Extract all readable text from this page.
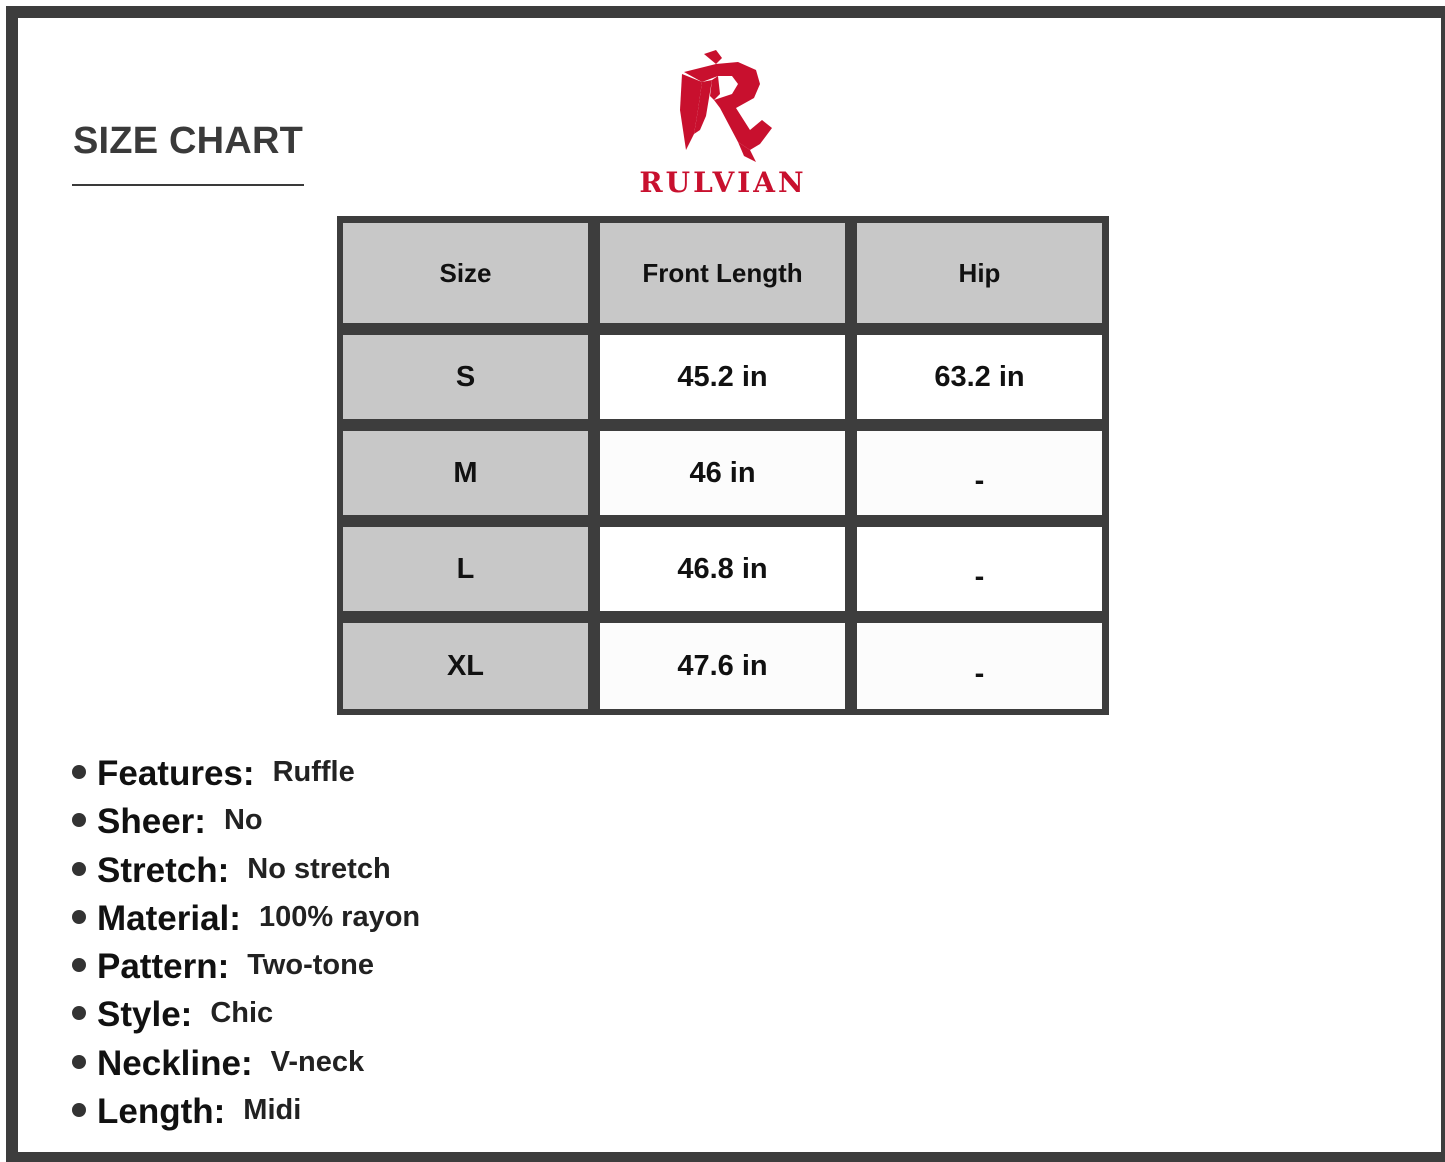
SIZE CHART
RULVIAN
Size	Front Length	Hip
S	45.2 in	63.2 in
M	46 in	-
L	46.8 in	-
XL	47.6 in	-
Features: Ruffle
Sheer: No
Stretch: No stretch
Material: 100% rayon
Pattern: Two-tone
Style: Chic
Neckline: V-neck
Length: Midi
